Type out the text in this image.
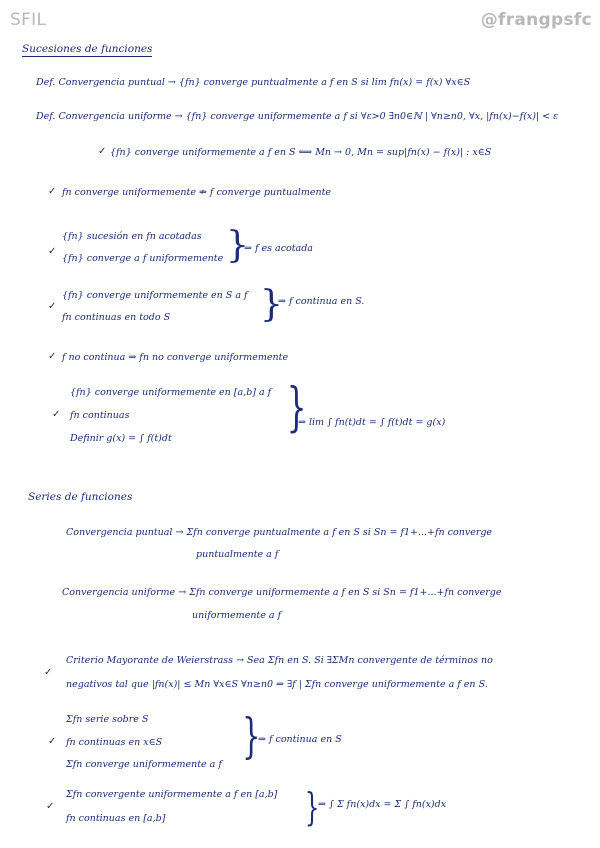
SFIL	@frangpsfc
Sucesiones de funciones
Def. Convergencia puntual → {fn} converge puntualmente a f en S si lim fn(x) = f(x) ∀x∈S
Def. Convergencia uniforme → {fn} converge uniformemente a f si ∀ε>0 ∃n0∈ℕ | ∀n≥n0, ∀x, |fn(x)−f(x)| < ε
✓ {fn} converge uniformemente a f en S ⟺ Mn → 0, Mn = sup|fn(x) − f(x)| : x∈S
✓ fn converge uniformemente ⇏ f converge puntualmente
✓
{fn} sucesión en fn acotadas
{fn} converge a f uniformemente }
⇒ f es acotada
✓
{fn} converge uniformemente en S a f
fn continuas en todo S }
⇒ f continua en S.
✓ f no continua ⇒ fn no converge uniformemente
{fn} converge uniformemente en [a,b] a f
✓ fn continuas
Definir g(x) = ∫ f(t)dt
}
⇒ lim ∫ fn(t)dt = ∫ f(t)dt = g(x)
Series de funciones
Convergencia puntual → Σfn converge puntualmente a f en S si Sn = f1+...+fn converge
puntualmente a f
Convergencia uniforme → Σfn converge uniformemente a f en S si Sn = f1+...+fn converge
uniformemente a f
✓
Criterio Mayorante de Weierstrass → Sea Σfn en S. Si ∃ΣMn convergente de términos no
negativos tal que |fn(x)| ≤ Mn ∀x∈S ∀n≥n0 ⇒ ∃f | Σfn converge uniformemente a f en S.
Σfn serie sobre S
✓ fn continuas en x∈S
Σfn converge uniformemente a f
}
⇒ f continua en S
✓
Σfn convergente uniformemente a f en [a,b]
fn continuas en [a,b]	}
⇒ ∫ Σ fn(x)dx = Σ ∫ fn(x)dx
